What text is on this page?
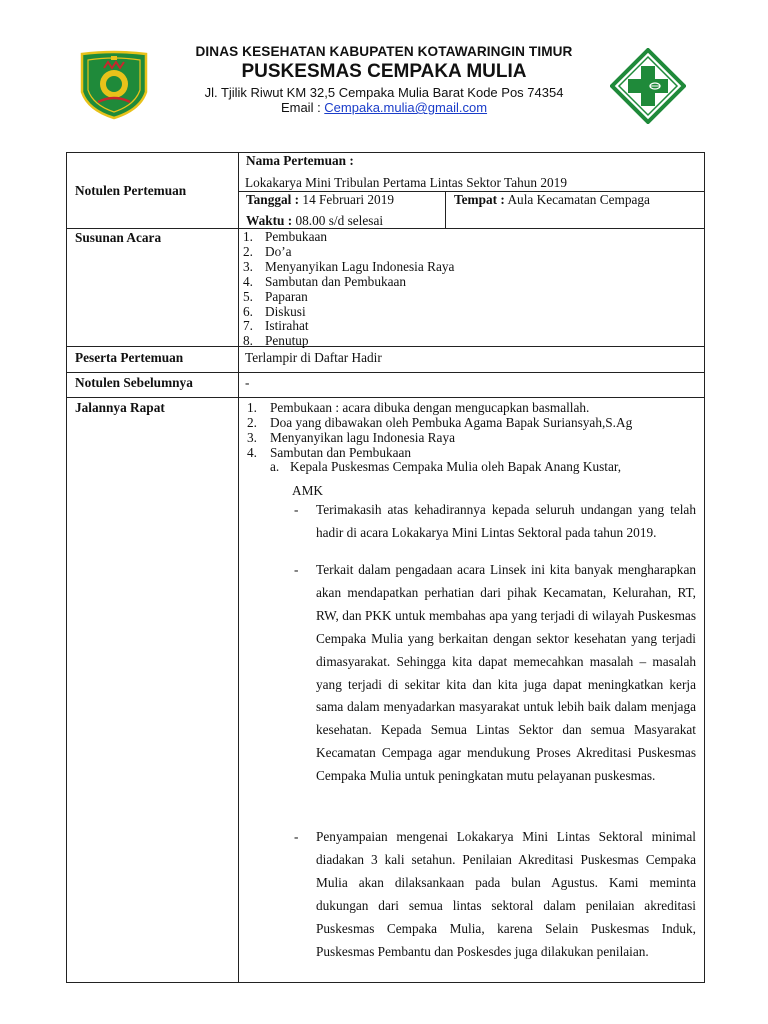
DINAS KESEHATAN KABUPATEN KOTAWARINGIN TIMUR
PUSKESMAS CEMPAKA MULIA
Jl. Tjilik Riwut KM 32,5 Cempaka Mulia Barat Kode Pos 74354
Email : Cempaka.mulia@gmail.com
Notulen Pertemuan
Nama Pertemuan :
Lokakarya Mini Tribulan Pertama Lintas Sektor Tahun 2019
Tanggal : 14 Februari 2019	Tempat : Aula Kecamatan Cempaga
Waktu : 08.00 s/d selesai
Susunan Acara	1. Pembukaan
2. Do’a
3. Menyanyikan Lagu Indonesia Raya
4. Sambutan dan Pembukaan
5. Paparan
6. Diskusi
7. Istirahat
8. Penutup
Peserta Pertemuan	Terlampir di Daftar Hadir
Notulen Sebelumnya	-
Jalannya Rapat	1. Pembukaan : acara dibuka dengan mengucapkan basmallah.
2. Doa yang dibawakan oleh Pembuka Agama Bapak Suriansyah,S.Ag
3. Menyanyikan lagu Indonesia Raya
4. Sambutan dan Pembukaan
a. Kepala Puskesmas Cempaka Mulia oleh Bapak Anang Kustar,
AMK
- Terimakasih atas kehadirannya kepada seluruh undangan yang telah hadir di acara Lokakarya Mini Lintas Sektoral pada tahun 2019.
- Terkait dalam pengadaan acara Linsek ini kita banyak mengharapkan akan mendapatkan perhatian dari pihak Kecamatan, Kelurahan, RT, RW, dan PKK untuk membahas apa yang terjadi di wilayah Puskesmas Cempaka Mulia yang berkaitan dengan sektor kesehatan yang terjadi dimasyarakat. Sehingga kita dapat memecahkan masalah – masalah yang terjadi di sekitar kita dan kita juga dapat meningkatkan kerja sama dalam menyadarkan masyarakat untuk lebih baik dalam menjaga kesehatan. Kepada Semua Lintas Sektor dan semua Masyarakat Kecamatan Cempaga agar mendukung Proses Akreditasi Puskesmas Cempaka Mulia untuk peningkatan mutu pelayanan puskesmas.
- Penyampaian mengenai Lokakarya Mini Lintas Sektoral minimal diadakan 3 kali setahun. Penilaian Akreditasi Puskesmas Cempaka Mulia akan dilaksankaan pada bulan Agustus. Kami meminta dukungan dari semua lintas sektoral dalam penilaian akreditasi Puskesmas Cempaka Mulia, karena Selain Puskesmas Induk, Puskesmas Pembantu dan Poskesdes juga dilakukan penilaian.
